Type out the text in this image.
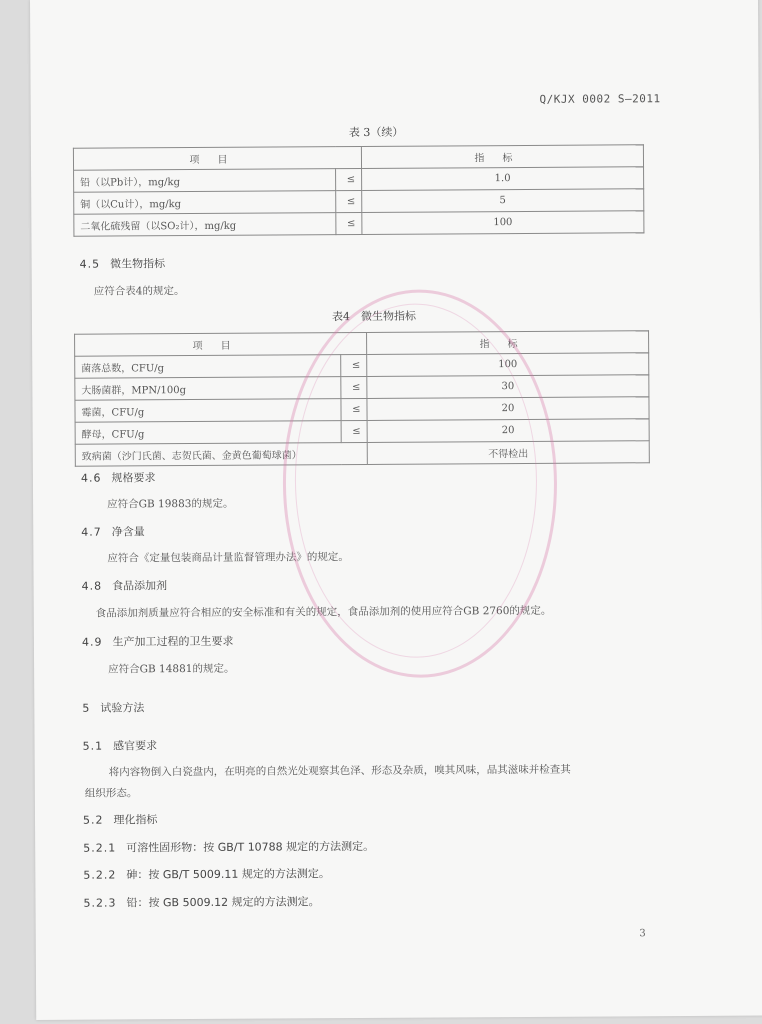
Q/KJX 0002 S—2011
表 3（续）
项目		指标
铅（以Pb计），mg/kg	≤	1.0
铜（以Cu计），mg/kg	≤	5
二氧化硫残留（以SO₂计），mg/kg	≤	100
4.5 微生物指标
应符合表4的规定。
表4　微生物指标
项目		指标
菌落总数，CFU/g	≤	100
大肠菌群，MPN/100g	≤	30
霉菌，CFU/g	≤	20
酵母，CFU/g	≤	20
致病菌（沙门氏菌、志贺氏菌、金黄色葡萄球菌）		不得检出
4.6 规格要求
应符合GB 19883的规定。
4.7 净含量
应符合《定量包装商品计量监督管理办法》的规定。
4.8 食品添加剂
食品添加剂质量应符合相应的安全标准和有关的规定，食品添加剂的使用应符合GB 2760的规定。
4.9 生产加工过程的卫生要求
应符合GB 14881的规定。
5 试验方法
5.1 感官要求
将内容物倒入白瓷盘内，在明亮的自然光处观察其色泽、形态及杂质，嗅其风味，品其滋味并检查其
组织形态。
5.2 理化指标
5.2.1 可溶性固形物：按 GB/T 10788 规定的方法测定。
5.2.2 砷：按 GB/T 5009.11 规定的方法测定。
5.2.3 铅：按 GB 5009.12 规定的方法测定。
3
